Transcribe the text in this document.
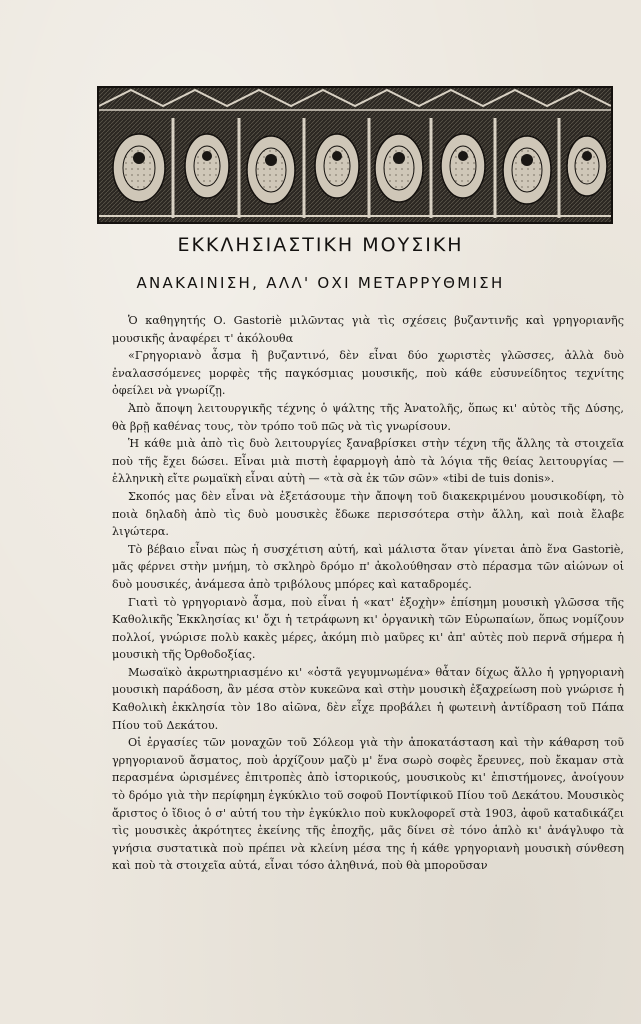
ΕΚΚΛΗΣΙΑΣΤΙΚΗ ΜΟΥΣΙΚΗ
ΑΝΑΚΑΙΝΙΣΗ, ΑΛΛ' ΟΧΙ ΜΕΤΑΡΡΥΘΜΙΣΗ

Ὁ καθηγητής Ο. Gastoriè μιλῶντας γιὰ τὶς σχέσεις βυζαντινῆς καὶ γρηγοριανῆς μουσικῆς ἀναφέρει τ' ἀκόλουθα

«Γρηγοριανὸ ἆσμα ἢ βυζαντινό, δὲν εἶναι δύο χωριστὲς γλῶσσες, ἀλλὰ δυὸ ἐναλασσόμενες μορφὲς τῆς παγκόσμιας μουσικῆς, ποὺ κάθε εὐσυνείδητος τεχνίτης ὀφείλει νὰ γνωρίζῃ.

Ἀπὸ ἄποψη λειτουργικῆς τέχνης ὁ ψάλτης τῆς Ἀνατολῆς, ὅπως κι' αὐτὸς τῆς Δύσης, θὰ βρῇ καθένας τους, τὸν τρόπο τοῦ πῶς νὰ τὶς γνωρίσουν.

Ἡ κάθε μιὰ ἀπὸ τὶς δυὸ λειτουργίες ξαναβρίσκει στὴν τέχνη τῆς ἄλλης τὰ στοιχεῖα ποὺ τῆς ἔχει δώσει. Εἶναι μιὰ πιστὴ ἐφαρμογὴ ἀπὸ τὰ λόγια τῆς θείας λειτουργίας — ἑλληνικὴ εἴτε ρωμαϊκὴ εἶναι αὐτὴ — «τὰ σὰ ἐκ τῶν σῶν» «tibi de tuis donis».

Σκοπός μας δὲν εἶναι νὰ ἐξετάσουμε τὴν ἄποψη τοῦ διακεκριμένου μουσικοδίφη, τὸ ποιὰ δηλαδὴ ἀπὸ τὶς δυὸ μουσικὲς ἔδωκε περισσότερα στὴν ἄλλη, καὶ ποιὰ ἔλαβε λιγώτερα.

Τὸ βέβαιο εἶναι πὼς ἡ συσχέτιση αὐτή, καὶ μάλιστα ὅταν γίνεται ἀπὸ ἕνα Gastoriè, μᾶς φέρνει στὴν μνήμη, τὸ σκληρὸ δρόμο π' ἀκολούθησαν στὸ πέρασμα τῶν αἰώνων οἱ δυὸ μουσικές, ἀνάμεσα ἀπὸ τριβόλους μπόρες καὶ καταδρομές.

Γιατὶ τὸ γρηγοριανὸ ἆσμα, ποὺ εἶναι ἡ «κατ' ἐξοχὴν» ἐπίσημη μουσικὴ γλῶσσα τῆς Καθολικῆς Ἐκκλησίας κι' ὄχι ἡ τετράφωνη κι' ὀργανικὴ τῶν Εὐρωπαίων, ὅπως νομίζουν πολλοί, γνώρισε πολὺ κακὲς μέρες, ἀκόμη πιὸ μαῦρες κι' ἀπ' αὐτὲς ποὺ περνᾶ σήμερα ἡ μουσικὴ τῆς Ὀρθοδοξίας.

Μωσαϊκὸ ἀκρωτηριασμένο κι' «ὀστᾶ γεγυμνωμένα» θἆταν δίχως ἄλλο ἡ γρηγοριανὴ μουσικὴ παράδοση, ἂν μέσα στὸν κυκεῶνα καὶ στὴν μουσικὴ ἐξαχρείωση ποὺ γνώρισε ἡ Καθολικὴ ἐκκλησία τὸν 18ο αἰῶνα, δὲν εἶχε προβάλει ἡ φωτεινὴ ἀντίδραση τοῦ Πάπα Πίου τοῦ Δεκάτου.

Οἱ ἐργασίες τῶν μοναχῶν τοῦ Σόλεομ γιὰ τὴν ἀποκατάσταση καὶ τὴν κάθαρση τοῦ γρηγοριανοῦ ἄσματος, ποὺ ἀρχίζουν μαζὺ μ' ἕνα σωρὸ σοφὲς ἔρευνες, ποὺ ἔκαμαν στὰ περασμένα ὡρισμένες ἐπιτροπὲς ἀπὸ ἱστορικούς, μουσικοὺς κι' ἐπιστήμονες, ἀνοίγουν τὸ δρόμο γιὰ τὴν περίφημη ἐγκύκλιο τοῦ σοφοῦ Ποντίφικοῦ Πίου τοῦ Δεκάτου. Μουσικὸς ἄριστος ὁ ἴδιος ὁ σ' αὐτή του τὴν ἐγκύκλιο ποὺ κυκλοφορεῖ στὰ 1903, ἀφοῦ καταδικάζει τὶς μουσικὲς ἀκρότητες ἐκείνης τῆς ἐποχῆς, μᾶς δίνει σὲ τόνο ἁπλὸ κι' ἀνάγλυφο τὰ γνήσια συστατικὰ ποὺ πρέπει νὰ κλείνη μέσα της ἡ κάθε γρηγοριανὴ μουσικὴ σύνθεση καὶ ποὺ τὰ στοιχεῖα αὐτά, εἶναι τόσο ἀληθινά, ποὺ θὰ μποροῦσαν
